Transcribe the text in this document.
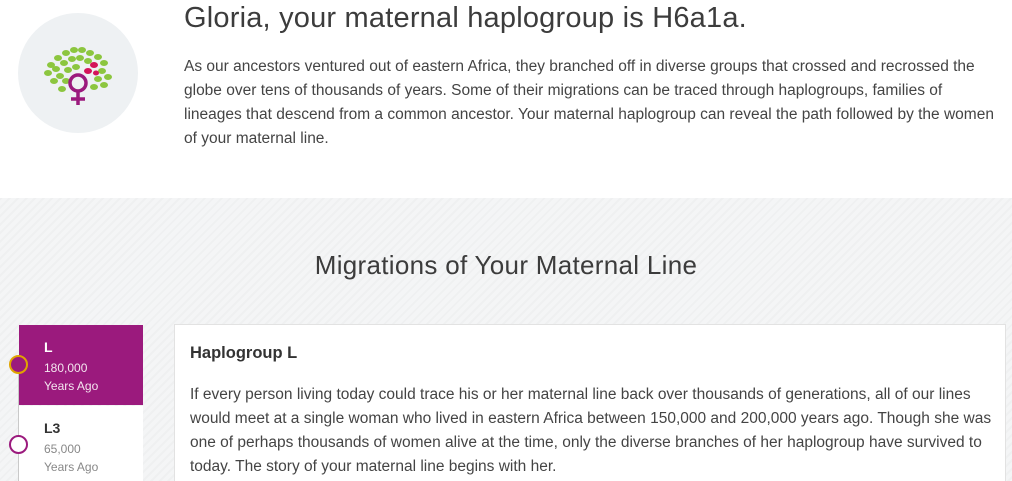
Gloria, your maternal haplogroup is H6a1a.

As our ancestors ventured out of eastern Africa, they branched off in diverse groups that crossed and recrossed the globe over tens of thousands of years. Some of their migrations can be traced through haplogroups, families of lineages that descend from a common ancestor. Your maternal haplogroup can reveal the path followed by the women of your maternal line.

Migrations of Your Maternal Line
L
180,000
Years Ago
L3
65,000
Years Ago
Haplogroup L

If every person living today could trace his or her maternal line back over thousands of generations, all of our lines would meet at a single woman who lived in eastern Africa between 150,000 and 200,000 years ago. Though she was one of perhaps thousands of women alive at the time, only the diverse branches of her haplogroup have survived to today. The story of your maternal line begins with her.
